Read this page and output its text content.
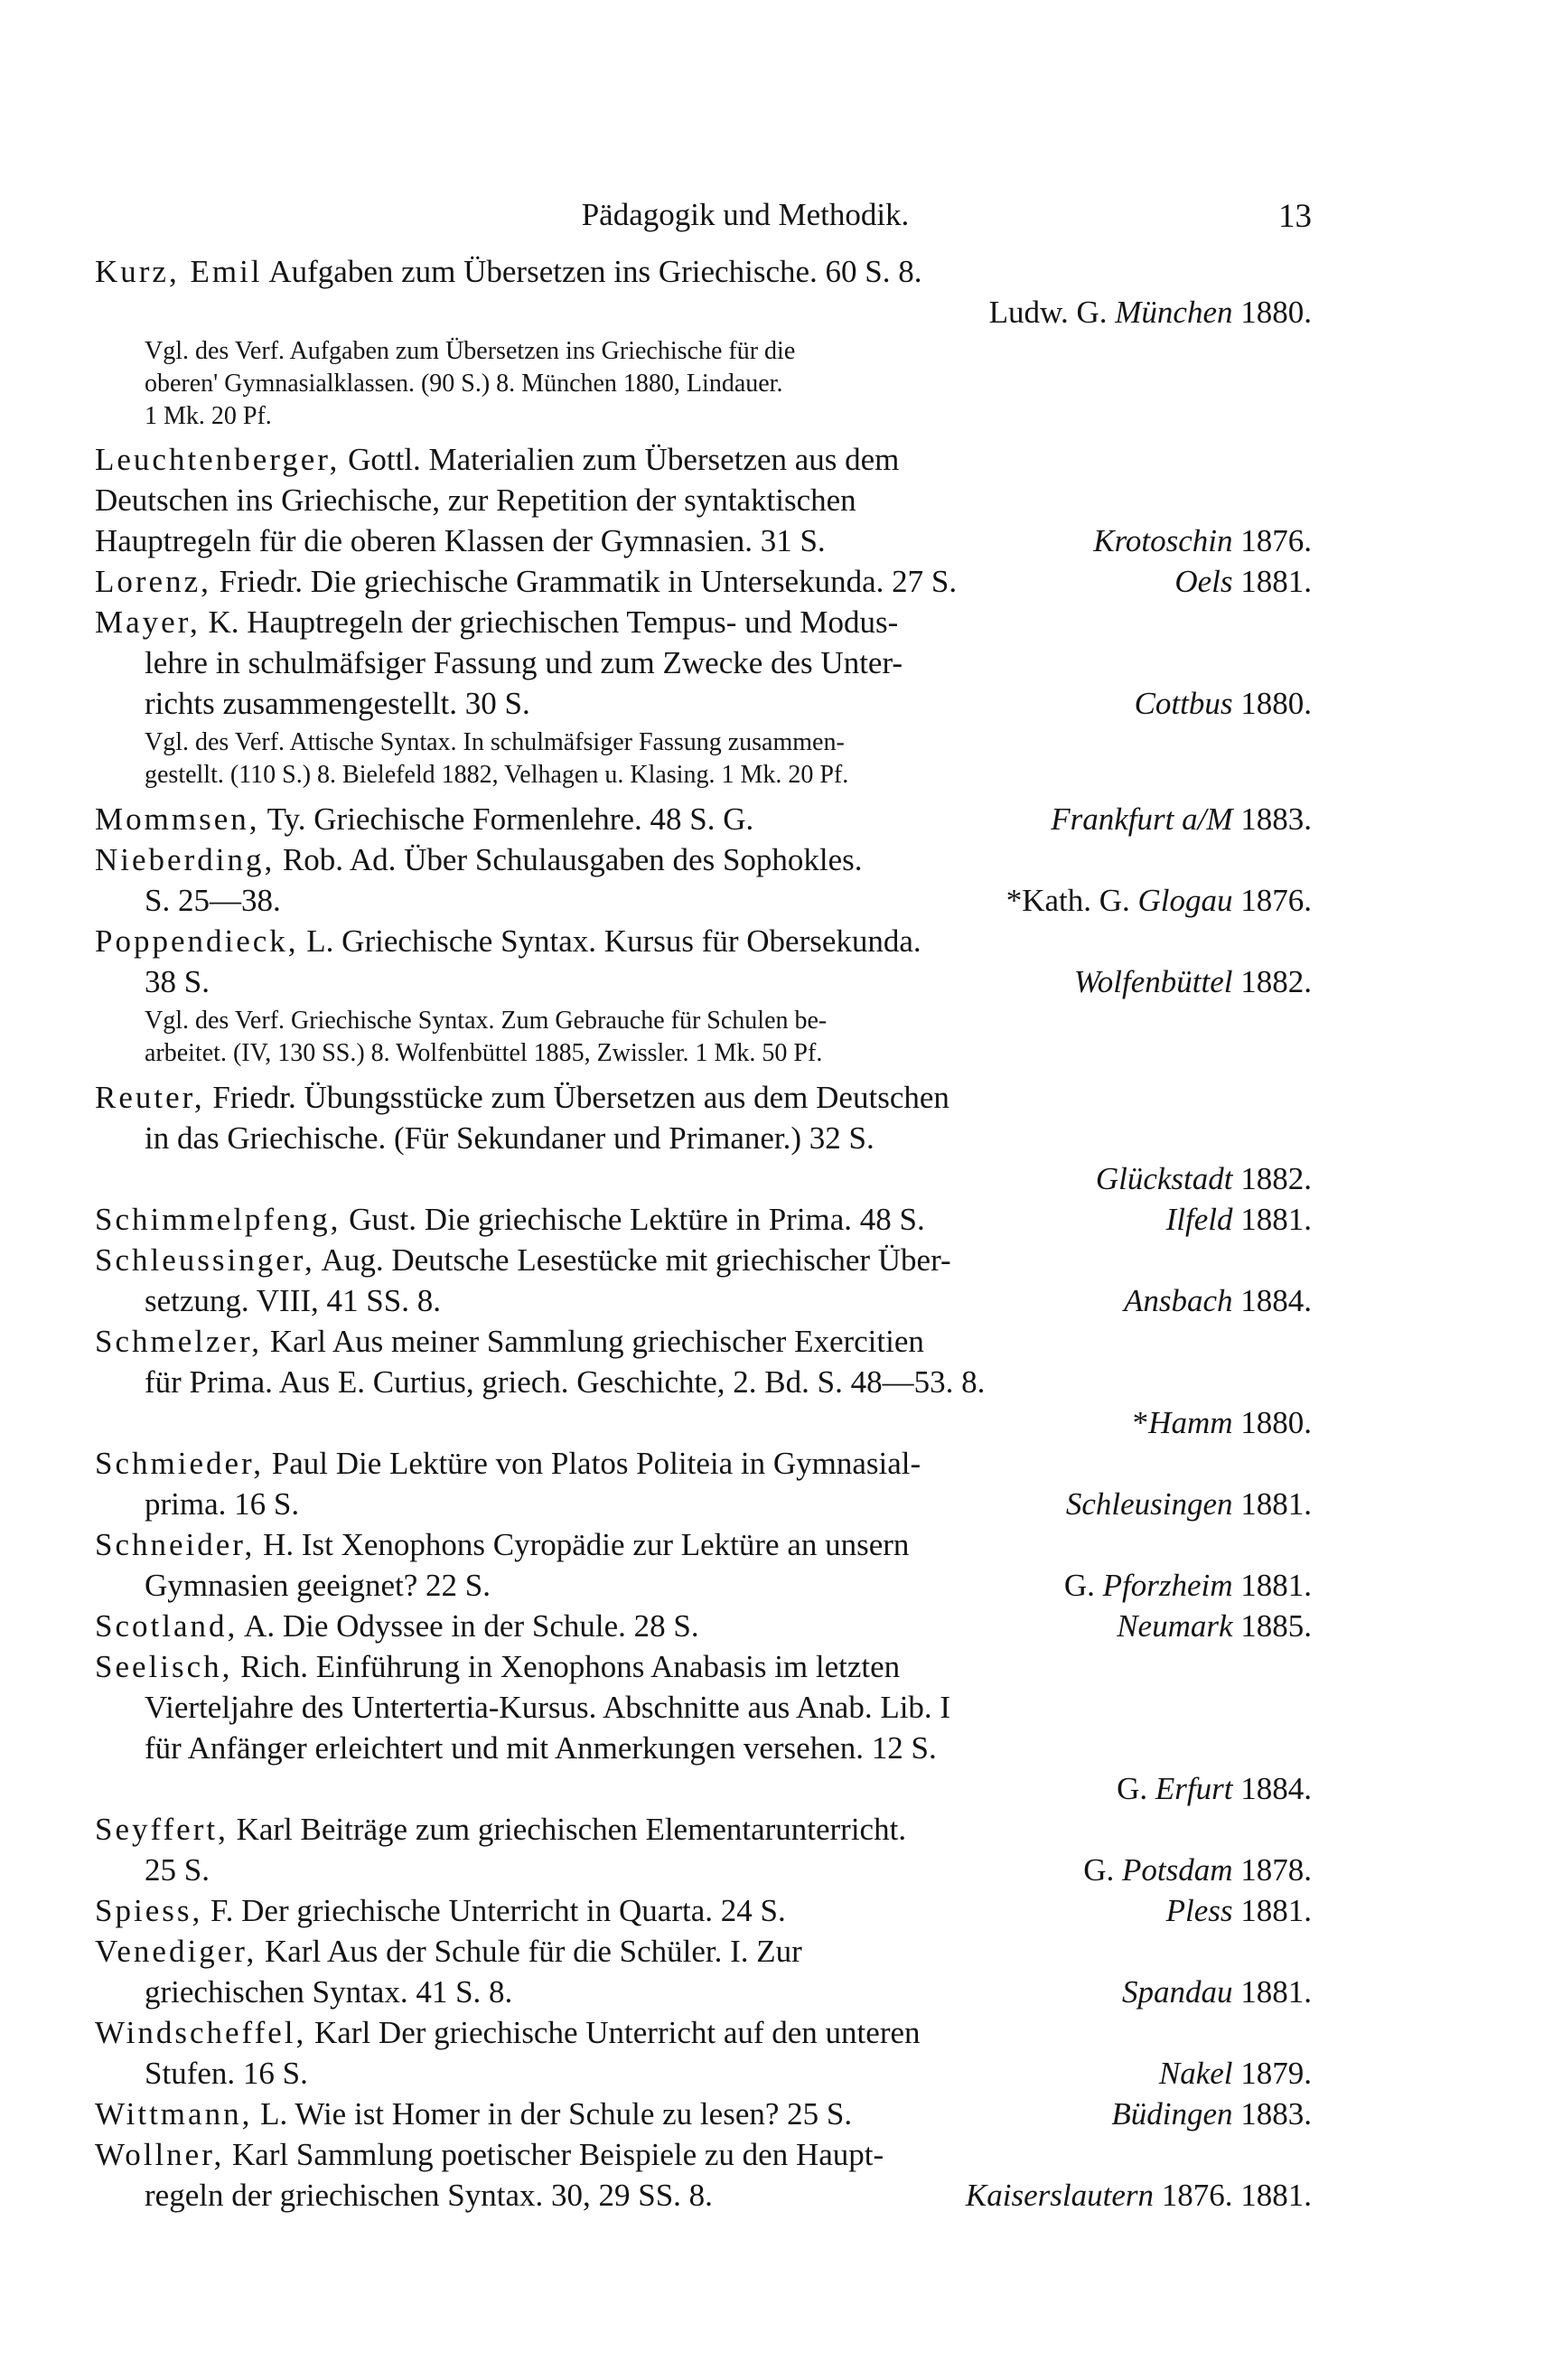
Pädagogik und Methodik.	13
Kurz, Emil Aufgaben zum Übersetzen ins Griechische. 60 S. 8.
Ludw. G. München 1880.
Vgl. des Verf. Aufgaben zum Übersetzen ins Griechische für die
oberen' Gymnasialklassen. (90 S.) 8. München 1880, Lindauer.
1 Mk. 20 Pf.
Leuchtenberger, Gottl. Materialien zum Übersetzen aus dem
Deutschen ins Griechische, zur Repetition der syntaktischen
Hauptregeln für die oberen Klassen der Gymnasien. 31 S.	Krotoschin 1876.
Lorenz, Friedr. Die griechische Grammatik in Untersekunda. 27 S.	Oels 1881.
Mayer, K. Hauptregeln der griechischen Tempus- und Modus-
lehre in schulmäfsiger Fassung und zum Zwecke des Unter-
richts zusammengestellt. 30 S.	Cottbus 1880.
Vgl. des Verf. Attische Syntax. In schulmäfsiger Fassung zusammen-
gestellt. (110 S.) 8. Bielefeld 1882, Velhagen u. Klasing. 1 Mk. 20 Pf.
Mommsen, Ty. Griechische Formenlehre. 48 S. G.	Frankfurt a/M 1883.
Nieberding, Rob. Ad. Über Schulausgaben des Sophokles.
S. 25—38.	*Kath. G. Glogau 1876.
Poppendieck, L. Griechische Syntax. Kursus für Obersekunda.
38 S.	Wolfenbüttel 1882.
Vgl. des Verf. Griechische Syntax. Zum Gebrauche für Schulen be-
arbeitet. (IV, 130 SS.) 8. Wolfenbüttel 1885, Zwissler. 1 Mk. 50 Pf.
Reuter, Friedr. Übungsstücke zum Übersetzen aus dem Deutschen
in das Griechische. (Für Sekundaner und Primaner.) 32 S.
Glückstadt 1882.
Schimmelpfeng, Gust. Die griechische Lektüre in Prima. 48 S.	Ilfeld 1881.
Schleussinger, Aug. Deutsche Lesestücke mit griechischer Über-
setzung. VIII, 41 SS. 8.	Ansbach 1884.
Schmelzer, Karl Aus meiner Sammlung griechischer Exercitien
für Prima. Aus E. Curtius, griech. Geschichte, 2. Bd. S. 48—53. 8.
*Hamm 1880.
Schmieder, Paul Die Lektüre von Platos Politeia in Gymnasial-
prima. 16 S.	Schleusingen 1881.
Schneider, H. Ist Xenophons Cyropädie zur Lektüre an unsern
Gymnasien geeignet? 22 S.	G. Pforzheim 1881.
Scotland, A. Die Odyssee in der Schule. 28 S.	Neumark 1885.
Seelisch, Rich. Einführung in Xenophons Anabasis im letzten
Vierteljahre des Untertertia-Kursus. Abschnitte aus Anab. Lib. I
für Anfänger erleichtert und mit Anmerkungen versehen. 12 S.
G. Erfurt 1884.
Seyffert, Karl Beiträge zum griechischen Elementarunterricht.
25 S.	G. Potsdam 1878.
Spiess, F. Der griechische Unterricht in Quarta. 24 S.	Pless 1881.
Venediger, Karl Aus der Schule für die Schüler. I. Zur
griechischen Syntax. 41 S. 8.	Spandau 1881.
Windscheffel, Karl Der griechische Unterricht auf den unteren
Stufen. 16 S.	Nakel 1879.
Wittmann, L. Wie ist Homer in der Schule zu lesen? 25 S.	Büdingen 1883.
Wollner, Karl Sammlung poetischer Beispiele zu den Haupt-
regeln der griechischen Syntax. 30, 29 SS. 8.	Kaiserslautern 1876. 1881.
